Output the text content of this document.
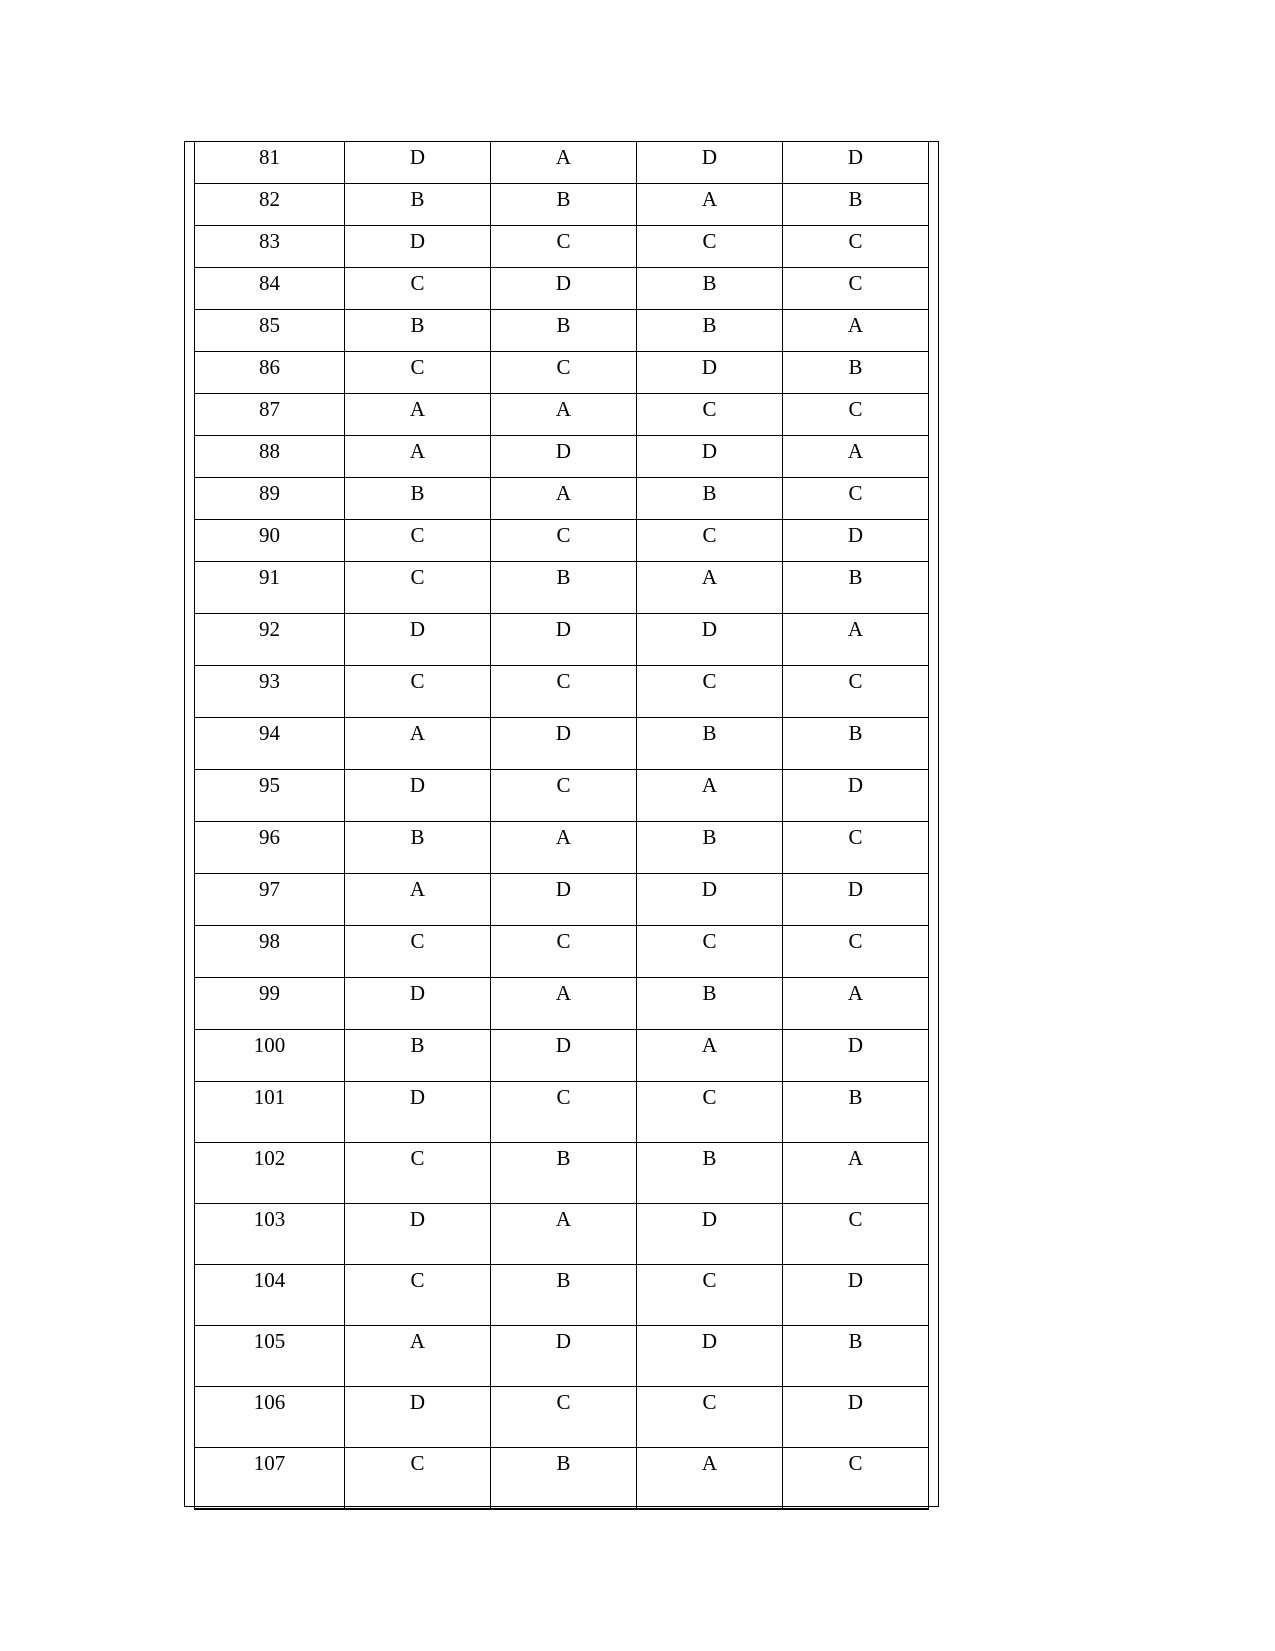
81	D	A	D	D
82	B	B	A	B
83	D	C	C	C
84	C	D	B	C
85	B	B	B	A
86	C	C	D	B
87	A	A	C	C
88	A	D	D	A
89	B	A	B	C
90	C	C	C	D
91	C	B	A	B
92	D	D	D	A
93	C	C	C	C
94	A	D	B	B
95	D	C	A	D
96	B	A	B	C
97	A	D	D	D
98	C	C	C	C
99	D	A	B	A
100	B	D	A	D
101	D	C	C	B
102	C	B	B	A
103	D	A	D	C
104	C	B	C	D
105	A	D	D	B
106	D	C	C	D
107	C	B	A	C
